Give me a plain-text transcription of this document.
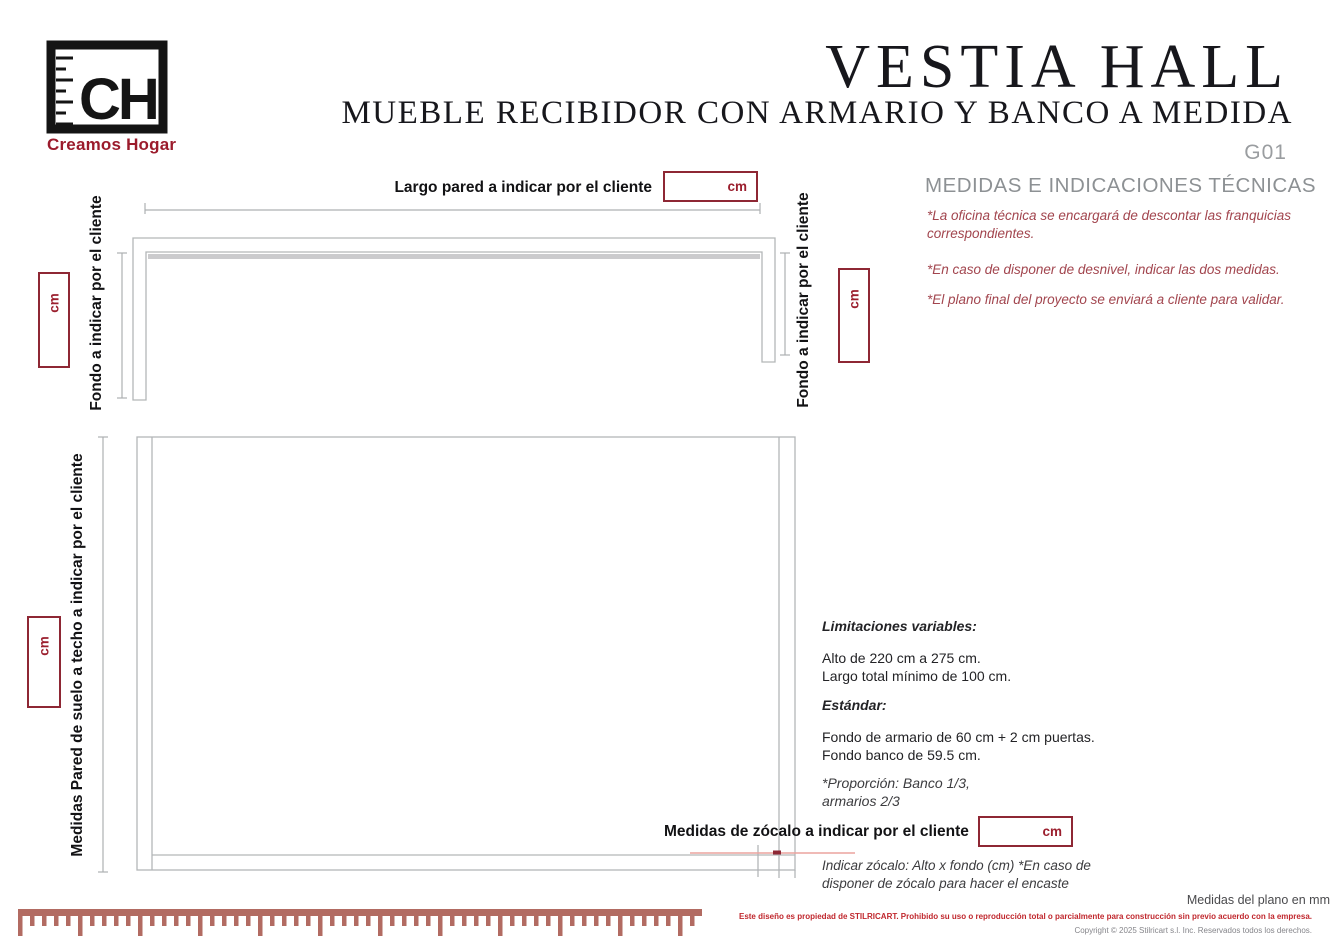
CH
Creamos Hogar
VESTIA HALL
MUEBLE RECIBIDOR CON ARMARIO Y BANCO A MEDIDA
G01
Largo pared a indicar por el cliente
Fondo a indicar por el cliente	Fondo a indicar por el cliente
cm
cm	cm
Medidas Pared de suelo a techo a indicar por el cliente
cm
Medidas de zócalo a indicar por el cliente	cm
Indicar zócalo: Alto x fondo (cm) *En caso de disponer de zócalo para hacer el encaste
MEDIDAS E INDICACIONES TÉCNICAS
*La oficina técnica se encargará de descontar las franquicias correspondientes.
*En caso de disponer de desnivel, indicar las dos medidas.
*El plano final del proyecto se enviará a cliente para validar.
Limitaciones variables:
Alto de 220 cm a 275 cm.
Largo total mínimo de 100 cm.
Estándar:
Fondo de armario de 60 cm + 2 cm puertas.
Fondo banco de 59.5 cm.
*Proporción: Banco 1/3,
armarios 2/3
Medidas del plano en mm
Este diseño es propiedad de STILRICART. Prohibido su uso o reproducción total o parcialmente para construcción sin previo acuerdo con la empresa.
Copyright © 2025 Stilricart s.l. Inc. Reservados todos los derechos.
